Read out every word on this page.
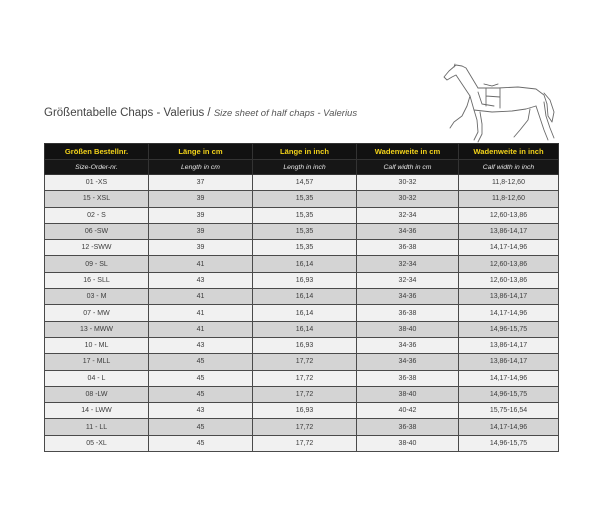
Größentabelle Chaps - Valerius / Size sheet of half chaps - Valerius
Größen Bestellnr.	Länge in cm	Länge in inch	Wadenweite in cm	Wadenweite in inch
Size-Order-nr.	Length in cm	Length in inch	Calf width in cm	Calf width in inch
01 -XS	37	14,57	30-32	11,8-12,60
15 - XSL	39	15,35	30-32	11,8-12,60
02 - S	39	15,35	32-34	12,60-13,86
06 -SW	39	15,35	34-36	13,86-14,17
12 -SWW	39	15,35	36-38	14,17-14,96
09 - SL	41	16,14	32-34	12,60-13,86
16 - SLL	43	16,93	32-34	12,60-13,86
03 - M	41	16,14	34-36	13,86-14,17
07 - MW	41	16,14	36-38	14,17-14,96
13 - MWW	41	16,14	38-40	14,96-15,75
10 - ML	43	16,93	34-36	13,86-14,17
17 - MLL	45	17,72	34-36	13,86-14,17
04 - L	45	17,72	36-38	14,17-14,96
08 -LW	45	17,72	38-40	14,96-15,75
14 - LWW	43	16,93	40-42	15,75-16,54
11 - LL	45	17,72	36-38	14,17-14,96
05 -XL	45	17,72	38-40	14,96-15,75
